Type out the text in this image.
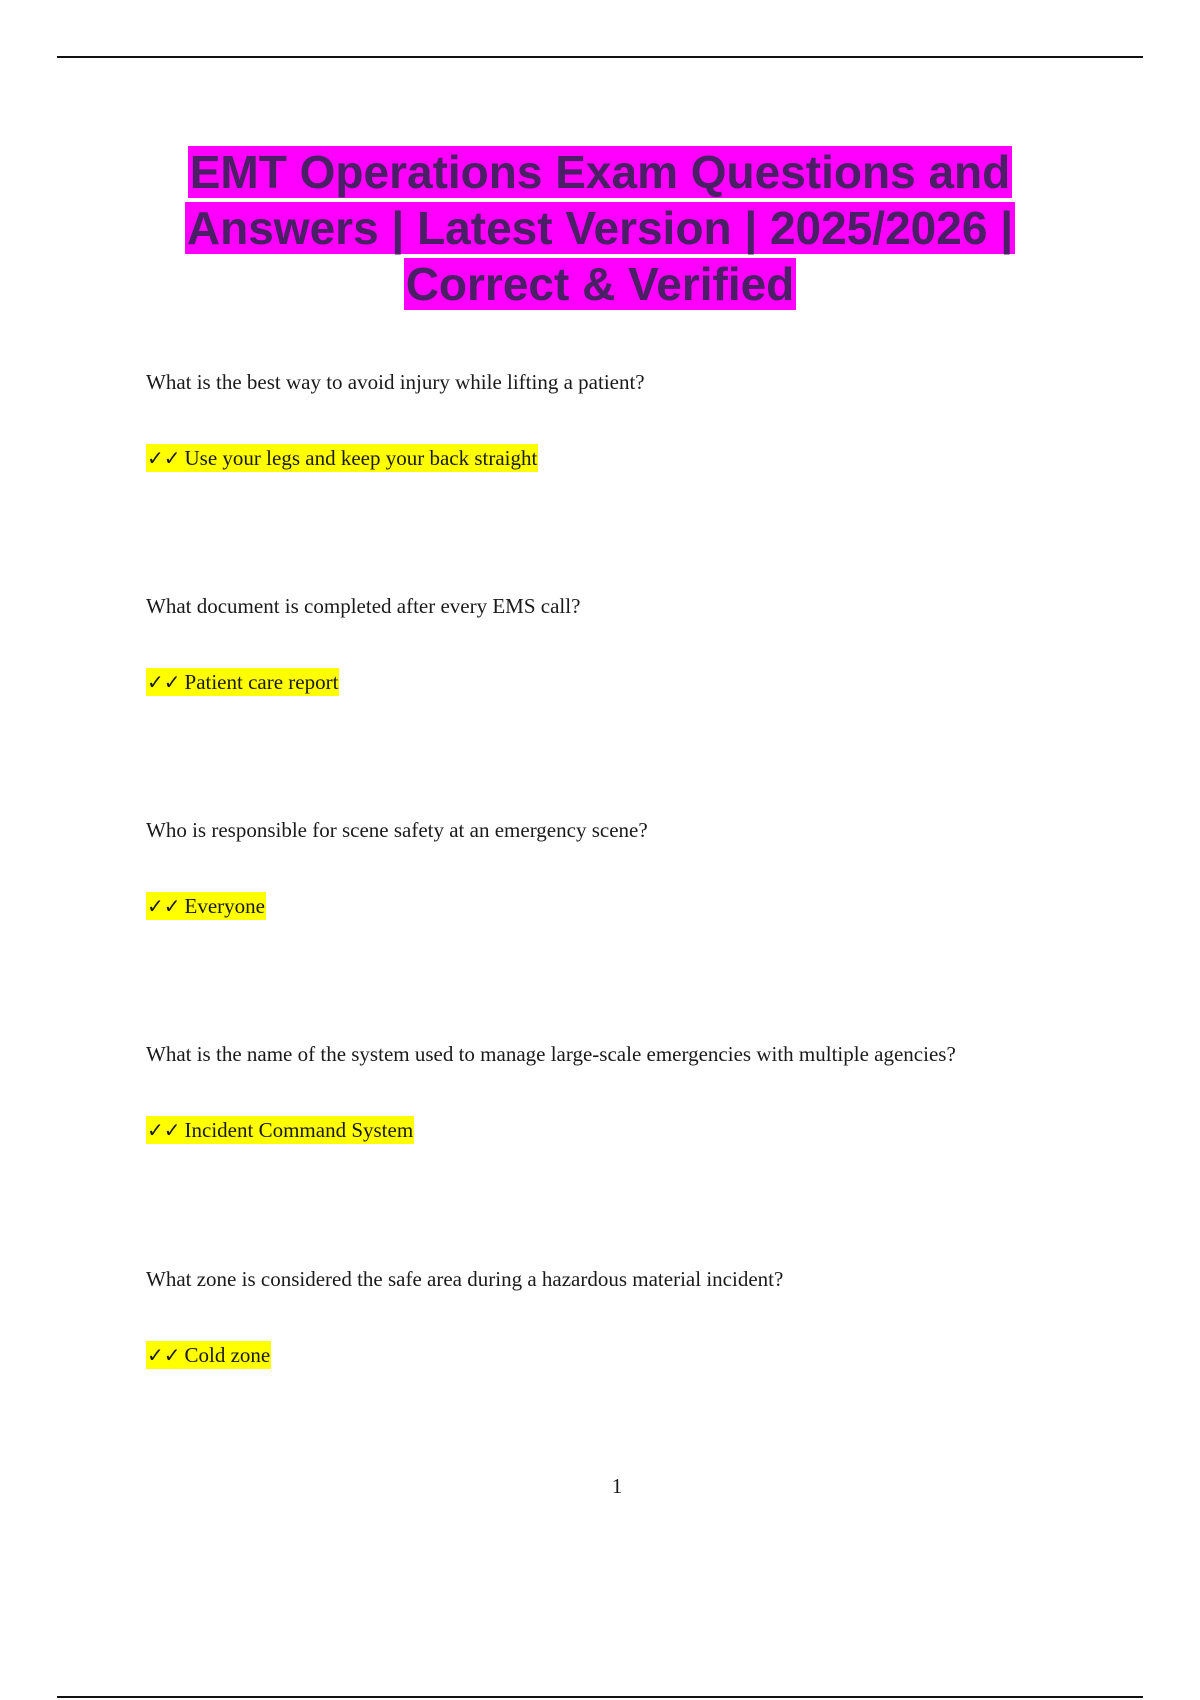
EMT Operations Exam Questions and Answers | Latest Version | 2025/2026 | Correct & Verified

What is the best way to avoid injury while lifting a patient?

✓✓ Use your legs and keep your back straight

What document is completed after every EMS call?

✓✓ Patient care report

Who is responsible for scene safety at an emergency scene?

✓✓ Everyone

What is the name of the system used to manage large-scale emergencies with multiple agencies?

✓✓ Incident Command System

What zone is considered the safe area during a hazardous material incident?

✓✓ Cold zone
1
